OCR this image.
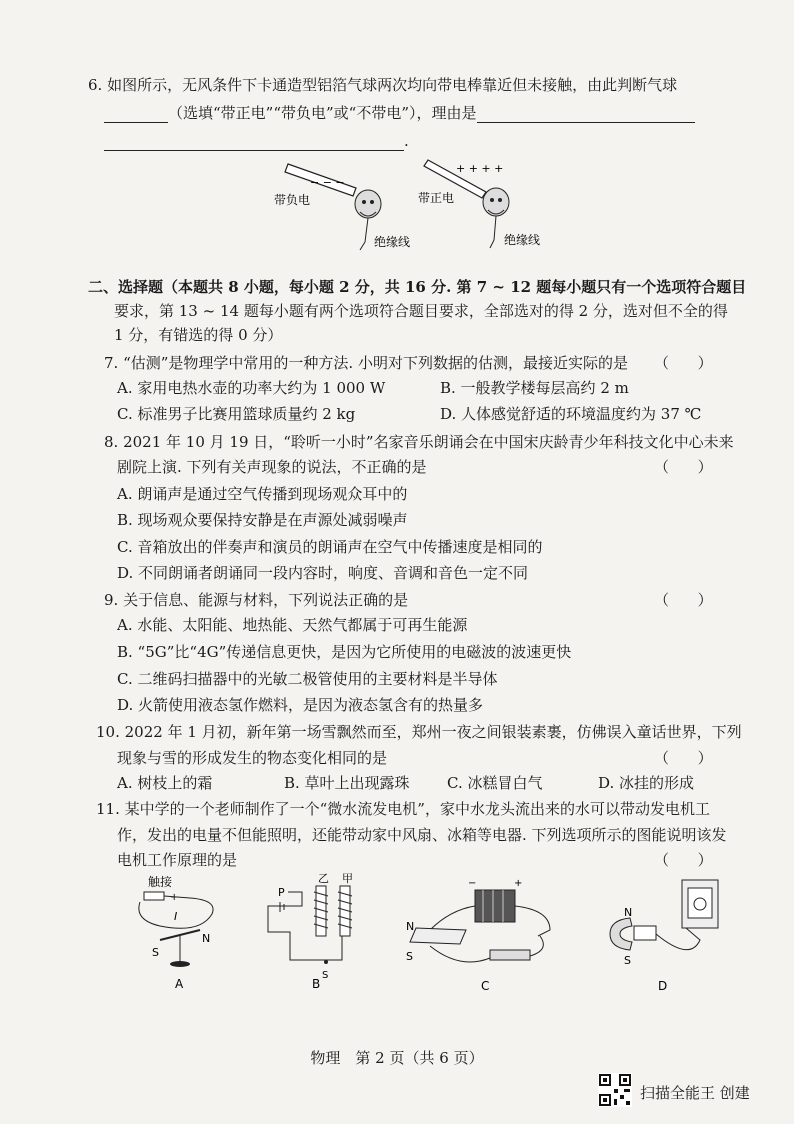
6. 如图所示，无风条件下卡通造型铝箔气球两次均向带电棒靠近但未接触，由此判断气球
（选填“带正电”“带负电”或“不带电”），理由是
.
− − −
带负电
绝缘线
+ + + +
带正电
绝缘线
二、选择题（本题共 8 小题，每小题 2 分，共 16 分. 第 7 ~ 12 题每小题只有一个选项符合题目
要求，第 13 ~ 14 题每小题有两个选项符合题目要求，全部选对的得 2 分，选对但不全的得
1 分，有错选的得 0 分）
7. “估测”是物理学中常用的一种方法. 小明对下列数据的估测，最接近实际的是 （      ）
A. 家用电热水壶的功率大约为 1 000 W	B. 一般教学楼每层高约 2 m
C. 标准男子比赛用篮球质量约 2 kg	D. 人体感觉舒适的环境温度约为 37 ℃
8. 2021 年 10 月 19 日，“聆听一小时”名家音乐朗诵会在中国宋庆龄青少年科技文化中心未来
剧院上演. 下列有关声现象的说法，不正确的是	（      ）
A. 朗诵声是通过空气传播到现场观众耳中的
B. 现场观众要保持安静是在声源处减弱噪声
C. 音箱放出的伴奏声和演员的朗诵声在空气中传播速度是相同的
D. 不同朗诵者朗诵同一段内容时，响度、音调和音色一定不同
9. 关于信息、能源与材料，下列说法正确的是	（      ）
A. 水能、太阳能、地热能、天然气都属于可再生能源
B. “5G”比“4G”传递信息更快，是因为它所使用的电磁波的波速更快
C. 二维码扫描器中的光敏二极管使用的主要材料是半导体
D. 火箭使用液态氢作燃料，是因为液态氢含有的热量多
10. 2022 年 1 月初，新年第一场雪飘然而至，郑州一夜之间银装素裹，仿佛误入童话世界，下列
现象与雪的形成发生的物态变化相同的是	（      ）
A. 树枝上的霜	B. 草叶上出现露珠 C. 冰糕冒白气	D. 冰挂的形成
11. 某中学的一个老师制作了一个“微水流发电机”，家中水龙头流出来的水可以带动发电机工
作，发出的电量不但能照明，还能带动家中风扇、冰箱等电器. 下列选项所示的图能说明该发
电机工作原理的是	（      ）
触接
+
I
N
S
A
P
乙 甲
S
B
−	+
N
S
C
N
S
D
物理　第 2 页（共 6 页）
扫描全能王 创建
